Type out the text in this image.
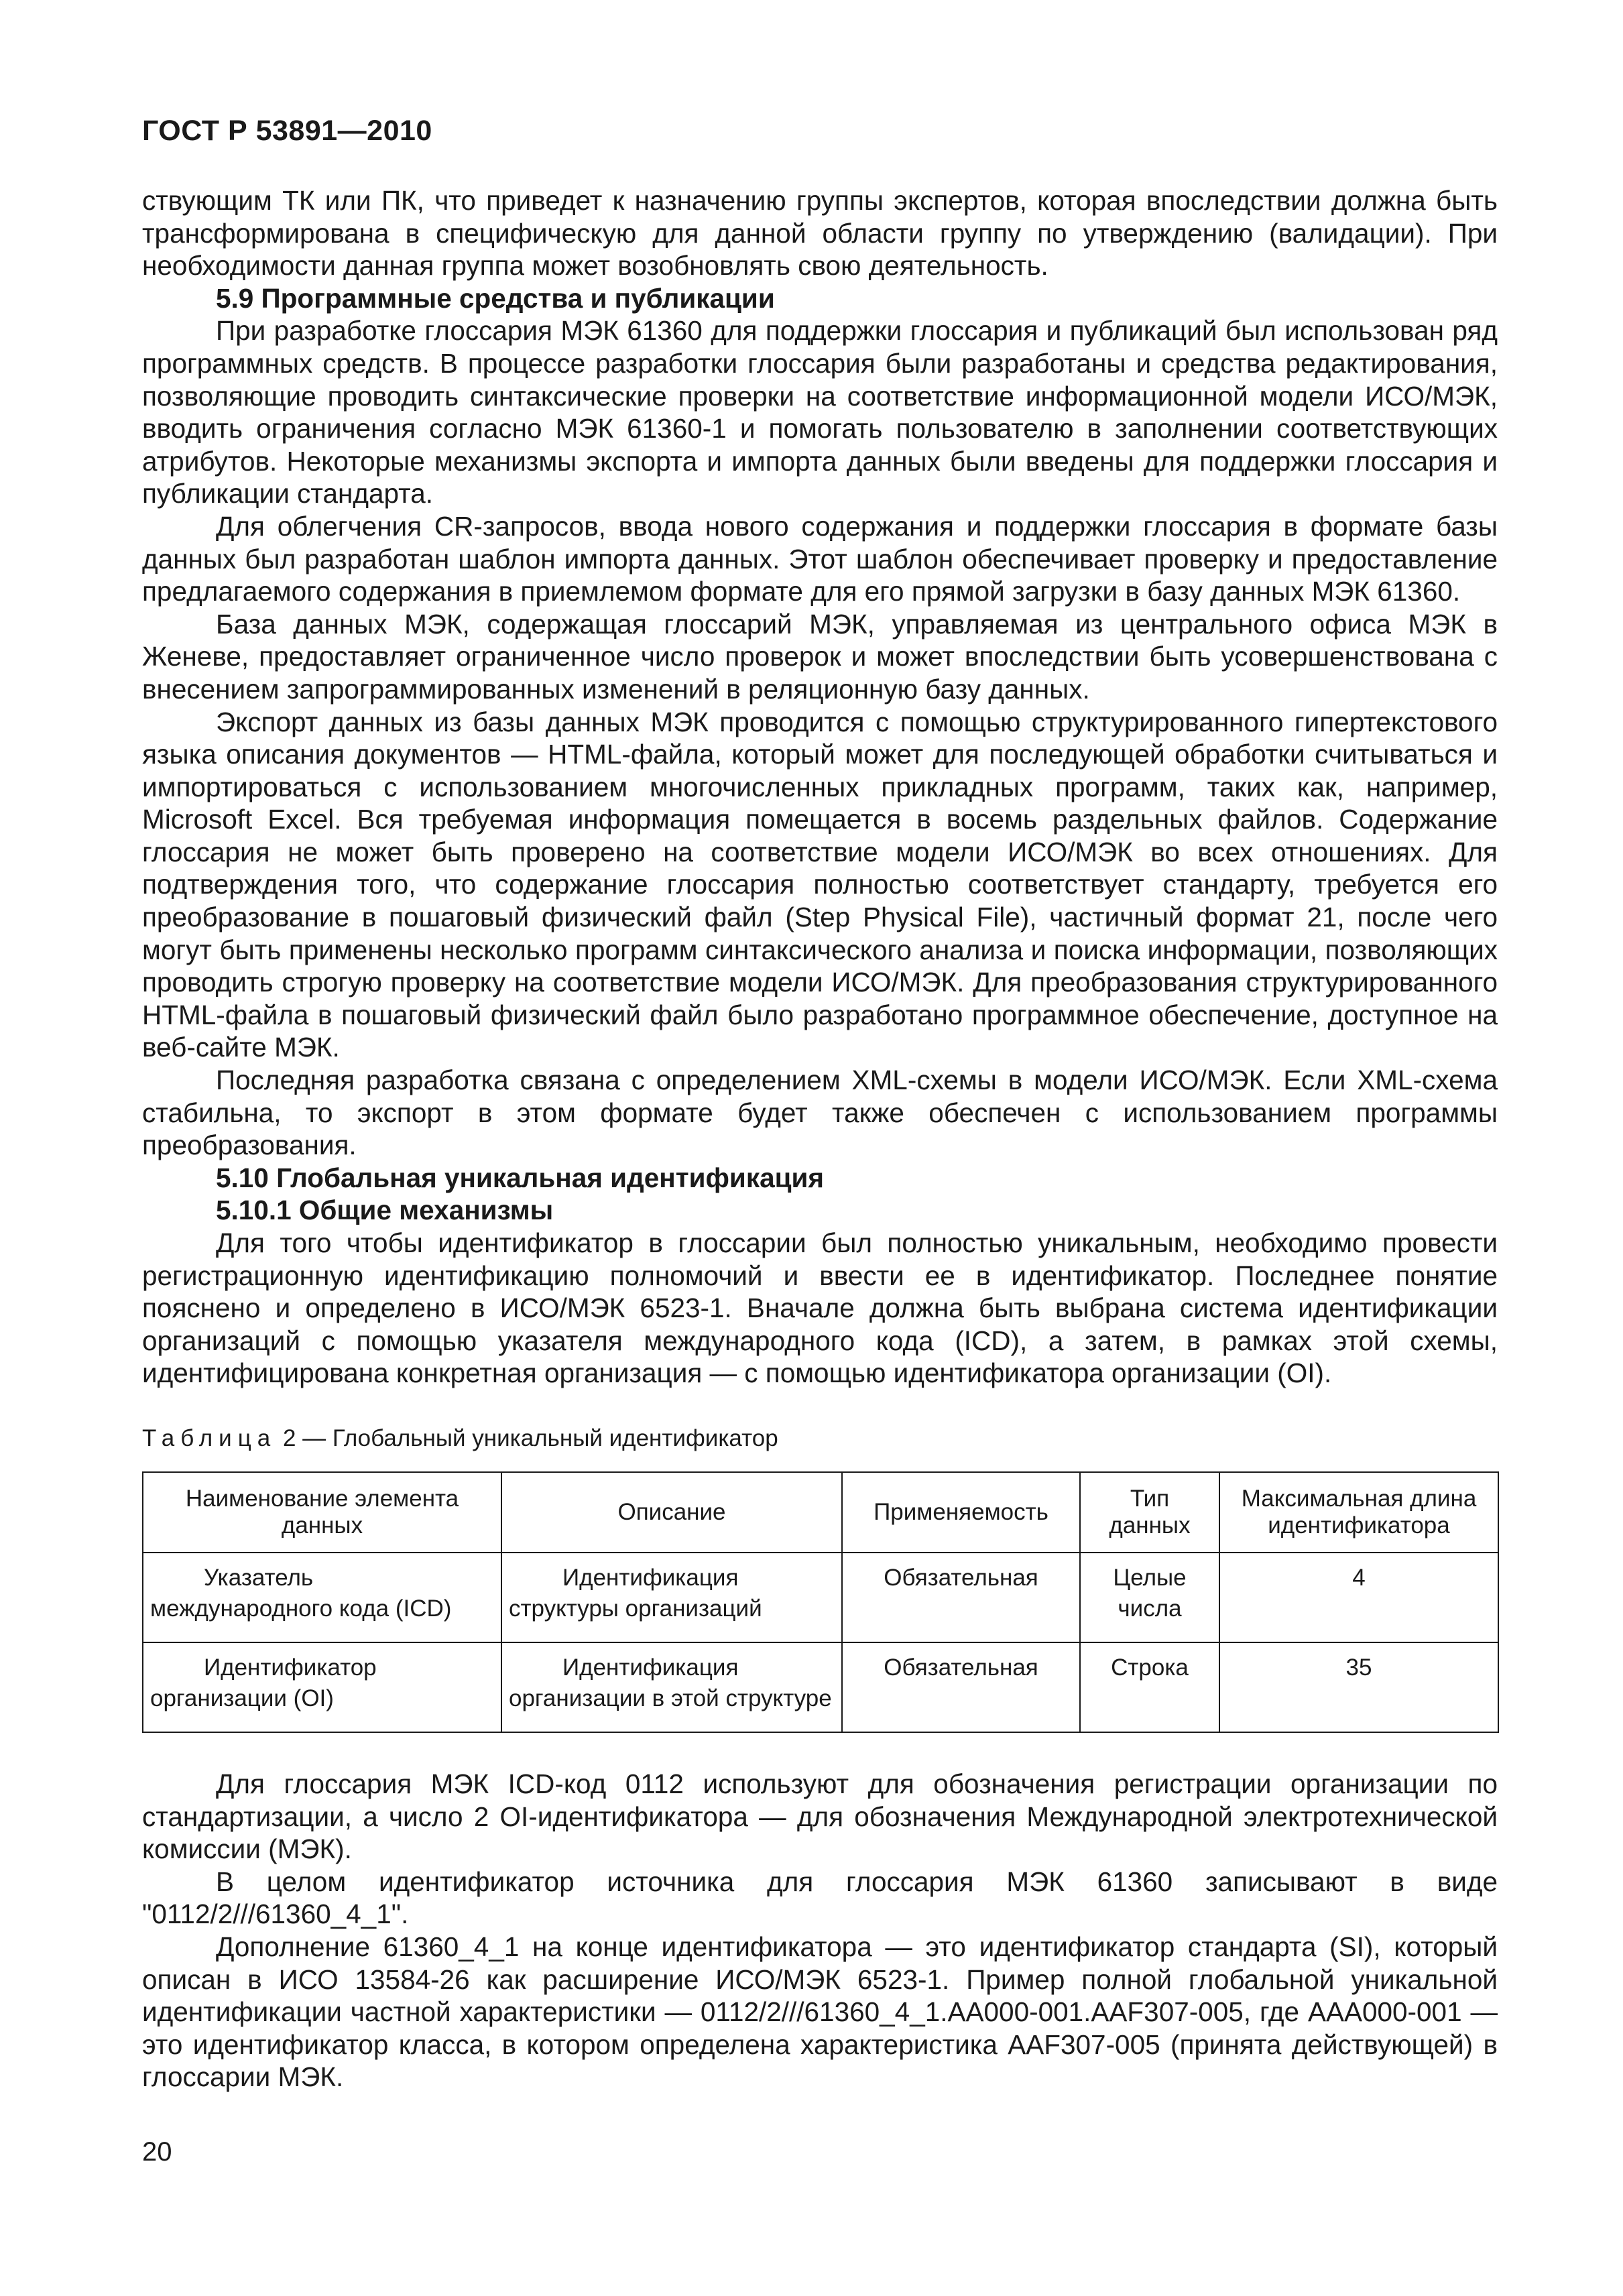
ГОСТ Р 53891—2010

ствующим ТК или ПК, что приведет к назначению группы экспертов, которая впоследствии должна быть трансформирована в специфическую для данной области группу по утверждению (валидации). При необходимости данная группа может возобновлять свою деятельность.

5.9 Программные средства и публикации

При разработке глоссария МЭК 61360 для поддержки глоссария и публикаций был использован ряд программных средств. В процессе разработки глоссария были разработаны и средства редактирования, позволяющие проводить синтаксические проверки на соответствие информационной модели ИСО/МЭК, вводить ограничения согласно МЭК 61360-1 и помогать пользователю в заполнении соответствующих атрибутов. Некоторые механизмы экспорта и импорта данных были введены для поддержки глоссария и публикации стандарта.

Для облегчения CR-запросов, ввода нового содержания и поддержки глоссария в формате базы данных был разработан шаблон импорта данных. Этот шаблон обеспечивает проверку и предоставление предлагаемого содержания в приемлемом формате для его прямой загрузки в базу данных МЭК 61360.

База данных МЭК, содержащая глоссарий МЭК, управляемая из центрального офиса МЭК в Женеве, предоставляет ограниченное число проверок и может впоследствии быть усовершенствована с внесением запрограммированных изменений в реляционную базу данных.

Экспорт данных из базы данных МЭК проводится с помощью структурированного гипертекстового языка описания документов — HTML-файла, который может для последующей обработки считываться и импортироваться с использованием многочисленных прикладных программ, таких как, например, Microsoft Excel. Вся требуемая информация помещается в восемь раздельных файлов. Содержание глоссария не может быть проверено на соответствие модели ИСО/МЭК во всех отношениях. Для подтверждения того, что содержание глоссария полностью соответствует стандарту, требуется его преобразование в пошаговый физический файл (Step Physical File), частичный формат 21, после чего могут быть применены несколько программ синтаксического анализа и поиска информации, позволяющих проводить строгую проверку на соответствие модели ИСО/МЭК. Для преобразования структурированного HTML-файла в пошаговый физический файл было разработано программное обеспечение, доступное на веб-сайте МЭК.

Последняя разработка связана с определением XML-схемы в модели ИСО/МЭК. Если XML-схема стабильна, то экспорт в этом формате будет также обеспечен с использованием программы преобразования.

5.10 Глобальная уникальная идентификация

5.10.1 Общие механизмы

Для того чтобы идентификатор в глоссарии был полностью уникальным, необходимо провести регистрационную идентификацию полномочий и ввести ее в идентификатор. Последнее понятие пояснено и определено в ИСО/МЭК 6523-1. Вначале должна быть выбрана система идентификации организаций с помощью указателя международного кода (ICD), а затем, в рамках этой схемы, идентифицирована конкретная организация — с помощью идентификатора организации (OI).

Таблица 2 — Глобальный уникальный идентификатор
Наименование элемента данных	Описание	Применяемость	Тип данных	Максимальная длина идентификатора
Указатель международного кода (ICD)	Идентификация структуры организаций	Обязательная	Целые числа	4
Идентификатор организации (OI)	Идентификация организации в этой структуре	Обязательная	Строка	35

Для глоссария МЭК ICD-код 0112 используют для обозначения регистрации организации по стандартизации, а число 2 OI-идентификатора — для обозначения Международной электротехнической комиссии (МЭК).

В целом идентификатор источника для глоссария МЭК 61360 записывают в виде "0112/2///61360_4_1".

Дополнение 61360_4_1 на конце идентификатора — это идентификатор стандарта (SI), который описан в ИСО 13584-26 как расширение ИСО/МЭК 6523-1. Пример полной глобальной уникальной идентификации частной характеристики — 0112/2///61360_4_1.AA000-001.AAF307-005, где AAA000-001 — это идентификатор класса, в котором определена характеристика AAF307-005 (принята действующей) в глоссарии МЭК.

20
